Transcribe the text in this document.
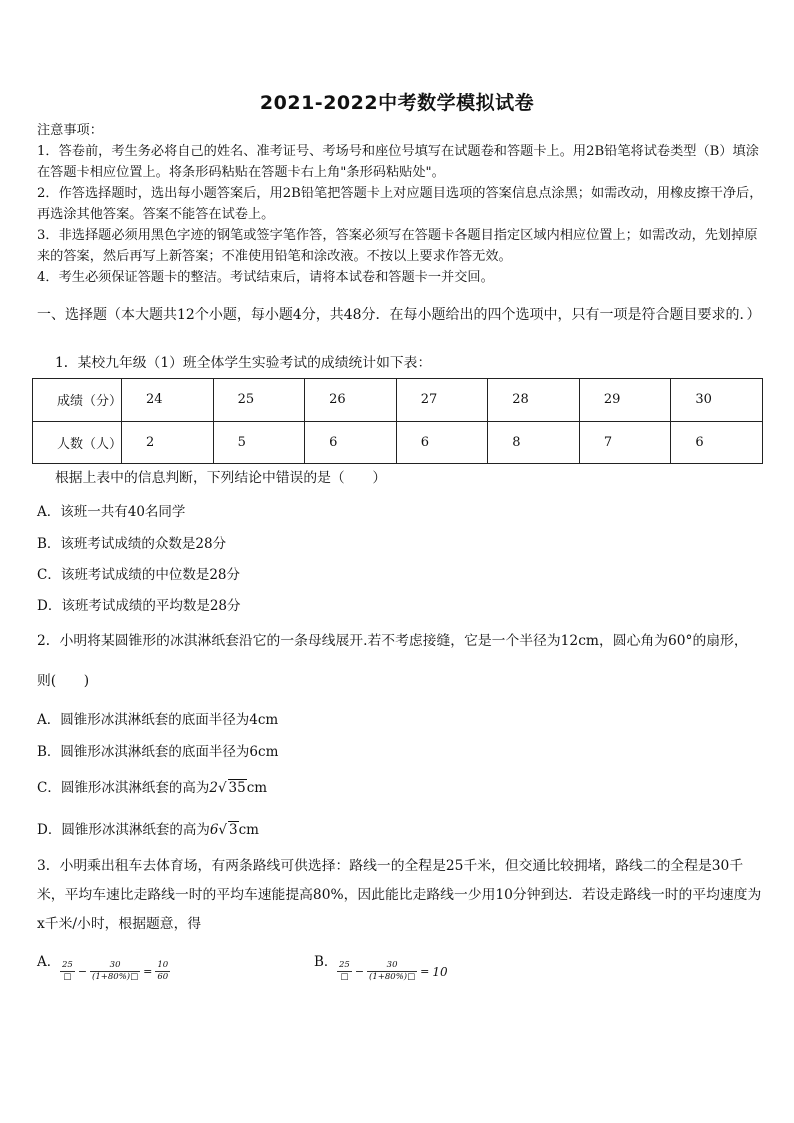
2021-2022中考数学模拟试卷

注意事项：

1．答卷前，考生务必将自己的姓名、准考证号、考场号和座位号填写在试题卷和答题卡上。用2B铅笔将试卷类型（B）填涂在答题卡相应位置上。将条形码粘贴在答题卡右上角"条形码粘贴处"。

2．作答选择题时，选出每小题答案后，用2B铅笔把答题卡上对应题目选项的答案信息点涂黑；如需改动，用橡皮擦干净后，再选涂其他答案。答案不能答在试卷上。

3．非选择题必须用黑色字迹的钢笔或签字笔作答，答案必须写在答题卡各题目指定区域内相应位置上；如需改动，先划掉原来的答案，然后再写上新答案；不准使用铅笔和涂改液。不按以上要求作答无效。

4．考生必须保证答题卡的整洁。考试结束后，请将本试卷和答题卡一并交回。

一、选择题（本大题共12个小题，每小题4分，共48分．在每小题给出的四个选项中，只有一项是符合题目要求的．）
1．某校九年级（1）班全体学生实验考试的成绩统计如下表：
成绩（分）	24	25	26	27	28	29	30
人数（人）	2	5	6	6	8	7	6
根据上表中的信息判断，下列结论中错误的是（　　）
A．该班一共有40名同学
B．该班考试成绩的众数是28分
C．该班考试成绩的中位数是28分
D．该班考试成绩的平均数是28分
2．小明将某圆锥形的冰淇淋纸套沿它的一条母线展开.若不考虑接缝，它是一个半径为12cm，圆心角为60°的扇形，
则(　　)
A．圆锥形冰淇淋纸套的底面半径为4cm
B．圆锥形冰淇淋纸套的底面半径为6cm
C．圆锥形冰淇淋纸套的高为2√ 35cm
D．圆锥形冰淇淋纸套的高为6√ 3cm
3．小明乘出租车去体育场，有两条路线可供选择：路线一的全程是25千米，但交通比较拥堵，路线二的全程是30千米，平均车速比走路线一时的平均车速能提高80%，因此能比走路线一少用10分钟到达．若设走路线一时的平均速度为x千米/小时，根据题意，得
A． $\frac{25}{□} - \frac{30}{(1+80\%)□} = \frac{10}{60}$	B． $\frac{25}{□} - \frac{30}{(1+80\%)□} = 10$
